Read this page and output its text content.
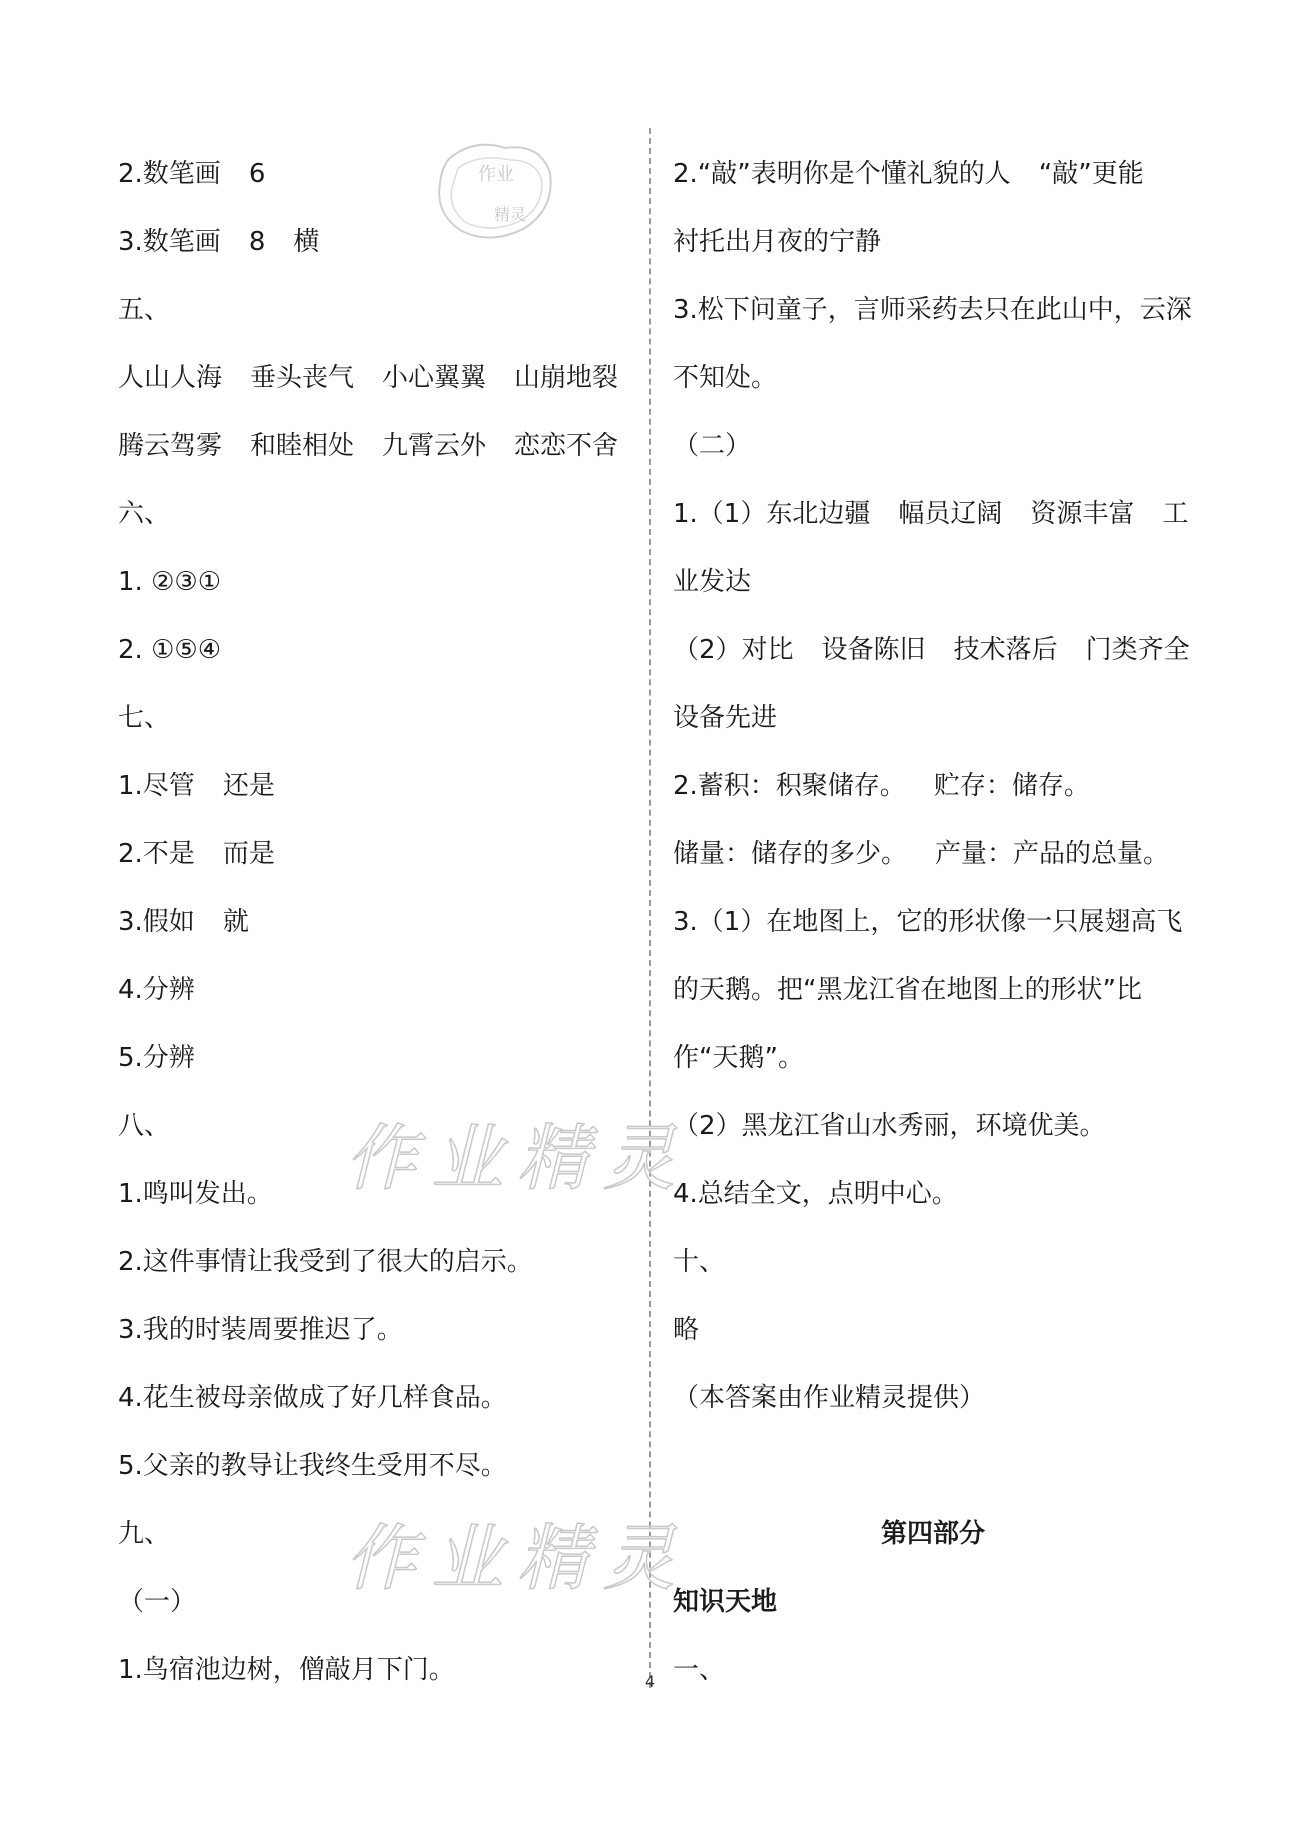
作业
精灵
作业精灵
作业精灵
2.数笔画 6
3.数笔画 8 横
五、
人山人海 垂头丧气 小心翼翼 山崩地裂
腾云驾雾 和睦相处 九霄云外 恋恋不舍
六、
1. ②③①
2. ①⑤④
七、
1.尽管 还是
2.不是 而是
3.假如 就
4.分辨
5.分辨
八、
1.鸣叫发出。
2.这件事情让我受到了很大的启示。
3.我的时装周要推迟了。
4.花生被母亲做成了好几样食品。
5.父亲的教导让我终生受用不尽。
九、
（一）
1.鸟宿池边树，僧敲月下门。
2.“敲”表明你是个懂礼貌的人 “敲”更能
衬托出月夜的宁静
3.松下问童子，言师采药去只在此山中，云深
不知处。
（二）
1.（1）东北边疆 幅员辽阔 资源丰富 工
业发达
（2）对比 设备陈旧 技术落后 门类齐全
设备先进
2.蓄积：积聚储存。 贮存：储存。
储量：储存的多少。 产量：产品的总量。
3.（1）在地图上，它的形状像一只展翅高飞
的天鹅。把“黑龙江省在地图上的形状”比
作“天鹅”。
（2）黑龙江省山水秀丽，环境优美。
4.总结全文，点明中心。
十、
略
（本答案由作业精灵提供）
第四部分
知识天地
一、
4
